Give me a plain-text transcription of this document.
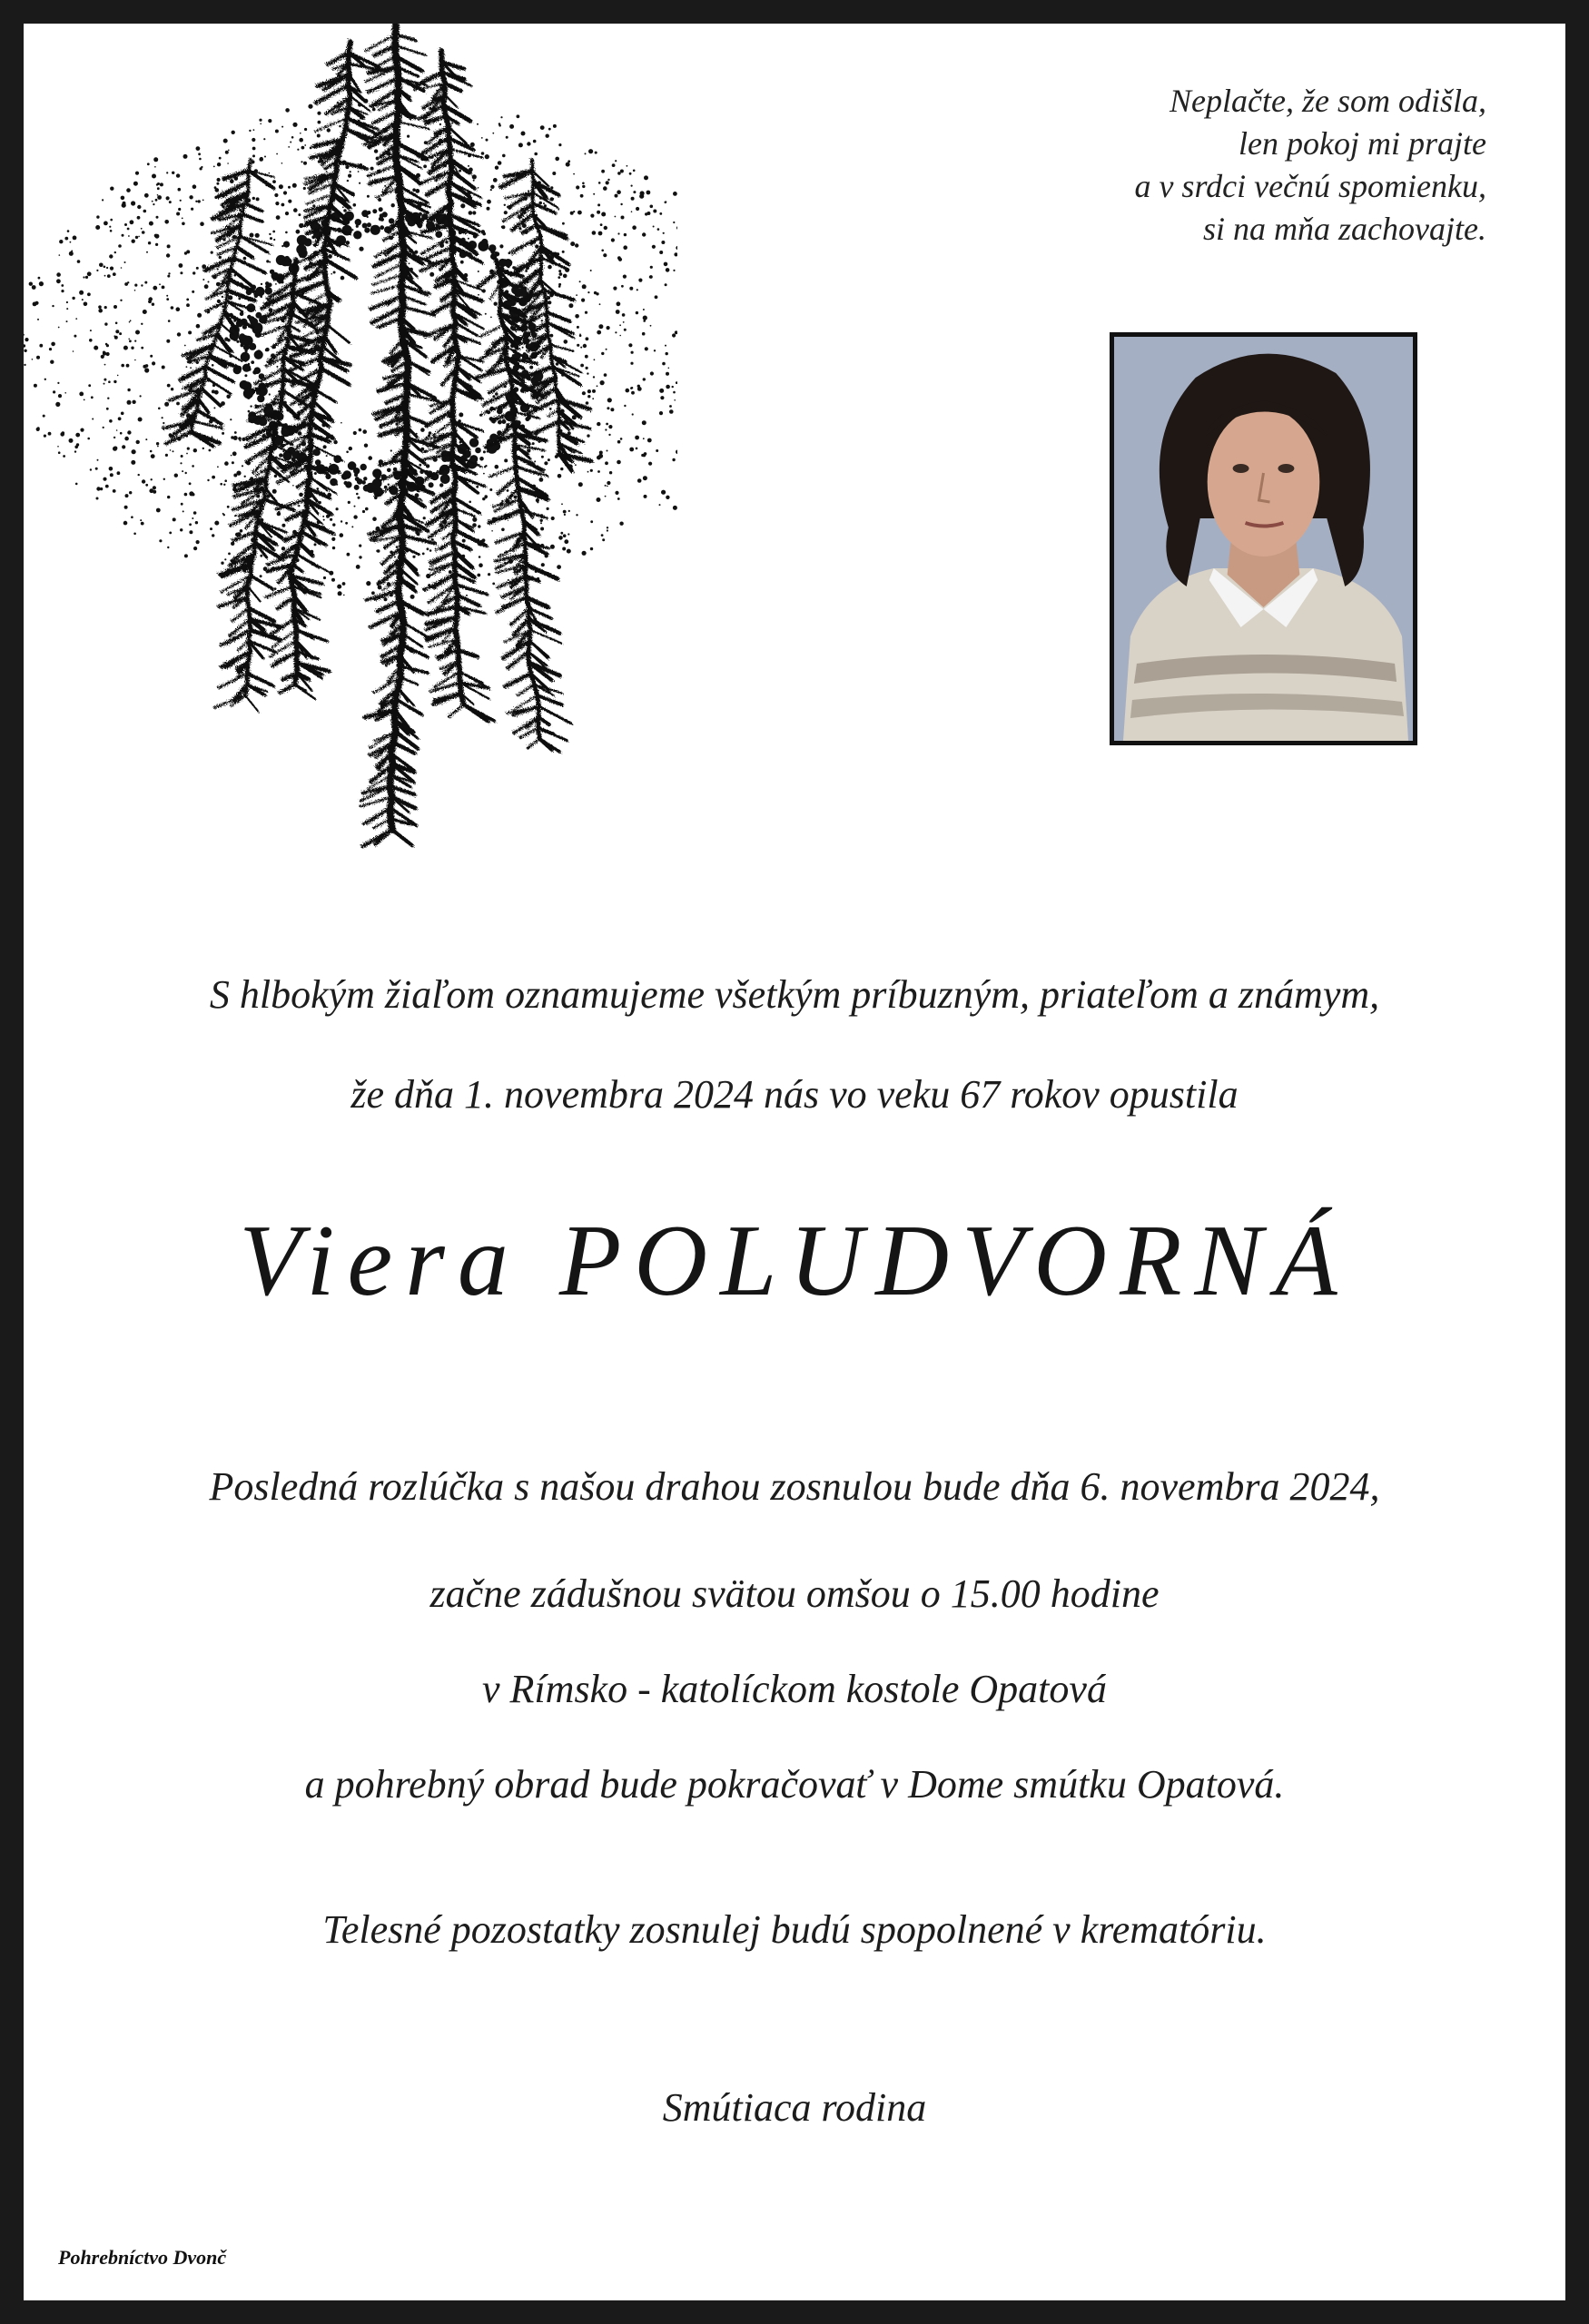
Neplačte, že som odišla,
len pokoj mi prajte
a v srdci večnú spomienku,
si na mňa zachovajte.
S hlbokým žiaľom oznamujeme všetkým príbuzným, priateľom a známym,
že dňa 1. novembra 2024 nás vo veku 67 rokov opustila
Viera POLUDVORNÁ
Posledná rozlúčka s našou drahou zosnulou bude dňa 6. novembra 2024,
začne zádušnou svätou omšou o 15.00 hodine
v Rímsko - katolíckom kostole Opatová
a pohrebný obrad bude pokračovať v Dome smútku Opatová.
Telesné pozostatky zosnulej budú spopolnené v krematóriu.
Smútiaca rodina
Pohrebníctvo Dvonč
